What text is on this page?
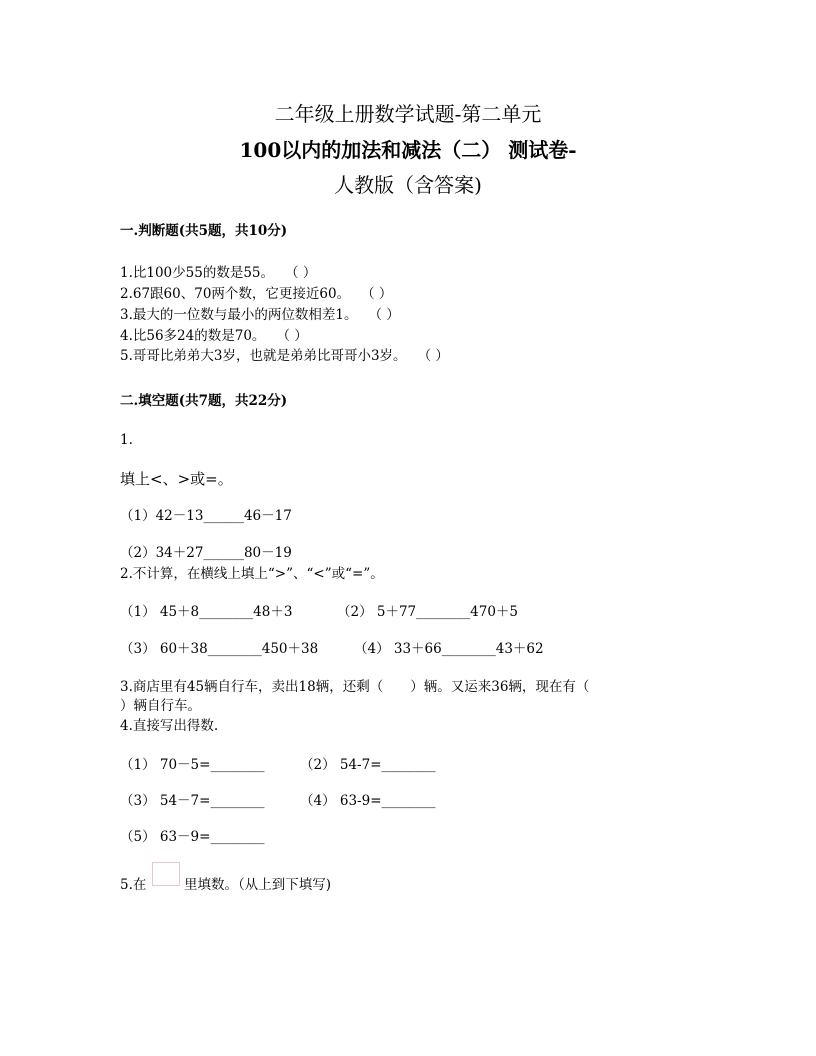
二年级上册数学试题-第二单元
100以内的加法和减法（二） 测试卷-
人教版（含答案)
一.判断题(共5题，共10分)
1.比100少55的数是55。　 （ ）
2.67跟60、70两个数，它更接近60。　 （ ）
3.最大的一位数与最小的两位数相差1。　 （ ）
4.比56多24的数是70。　 （ ）
5.哥哥比弟弟大3岁，也就是弟弟比哥哥小3岁。　 （ ）
二.填空题(共7题，共22分)
1.
填上<、>或=。
（1）42－13______46－17
（2）34＋27______80－19
2.不计算，在横线上填上“>”、“<”或“=”。
（1） 45＋8________48＋3	（2） 5＋77________470＋5
（3） 60＋38________450＋38	（4） 33＋66________43＋62
3.商店里有45辆自行车，卖出18辆，还剩（　　）辆。又运来36辆，现在有（
）辆自行车。
4.直接写出得数.
（1） 70－5=________	（2） 54-7=________
（3） 54－7=________	（4） 63-9=________
（5） 63－9=________
5.在	里填数。（从上到下填写)
